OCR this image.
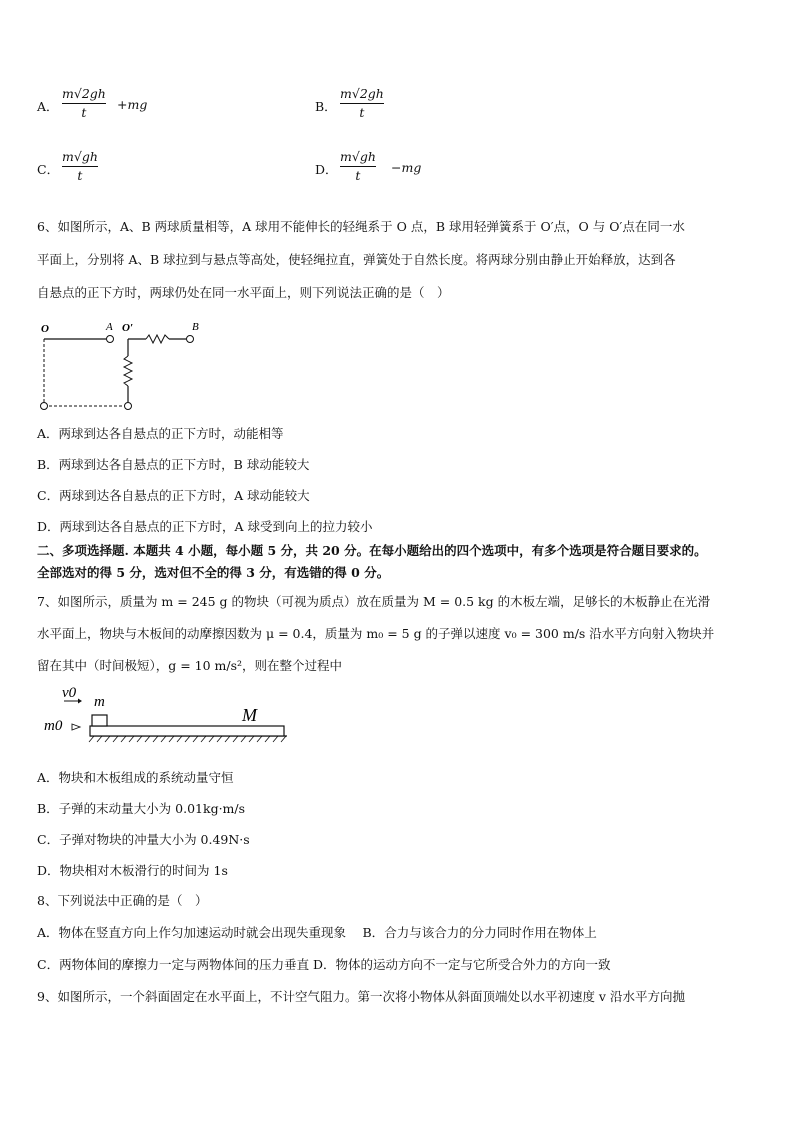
A．
m√2gh
t
+mg	B．
m√2gh
t
C．
m√gh
t	D．
m√gh
t
−mg
6、如图所示，A、B 两球质量相等，A 球用不能伸长的轻绳系于 O 点，B 球用轻弹簧系于 O′点，O 与 O′点在同一水
平面上，分别将 A、B 球拉到与悬点等高处，使轻绳拉直，弹簧处于自然长度。将两球分别由静止开始释放，达到各
自悬点的正下方时，两球仍处在同一水平面上，则下列说法正确的是（　）
O	A O′	B
A．两球到达各自悬点的正下方时，动能相等
B．两球到达各自悬点的正下方时，B 球动能较大
C．两球到达各自悬点的正下方时，A 球动能较大
D．两球到达各自悬点的正下方时，A 球受到向上的拉力较小
二、多项选择题. 本题共 4 小题，每小题 5 分，共 20 分。在每小题给出的四个选项中，有多个选项是符合题目要求的。
全部选对的得 5 分，选对但不全的得 3 分，有选错的得 0 分。
7、如图所示，质量为 m = 245 g 的物块（可视为质点）放在质量为 M = 0.5 kg 的木板左端，足够长的木板静止在光滑
水平面上，物块与木板间的动摩擦因数为 μ = 0.4，质量为 m₀ = 5 g 的子弹以速度 v₀ = 300 m/s 沿水平方向射入物块并
留在其中（时间极短），g = 10 m/s²，则在整个过程中
v0
m
m0
M
A．物块和木板组成的系统动量守恒
B．子弹的末动量大小为 0.01kg·m/s
C．子弹对物块的冲量大小为 0.49N·s
D．物块相对木板滑行的时间为 1s
8、下列说法中正确的是（　）
A．物体在竖直方向上作匀加速运动时就会出现失重现象　 B．合力与该合力的分力同时作用在物体上
C．两物体间的摩擦力一定与两物体间的压力垂直 D．物体的运动方向不一定与它所受合外力的方向一致
9、如图所示，一个斜面固定在水平面上，不计空气阻力。第一次将小物体从斜面顶端处以水平初速度 v 沿水平方向抛
